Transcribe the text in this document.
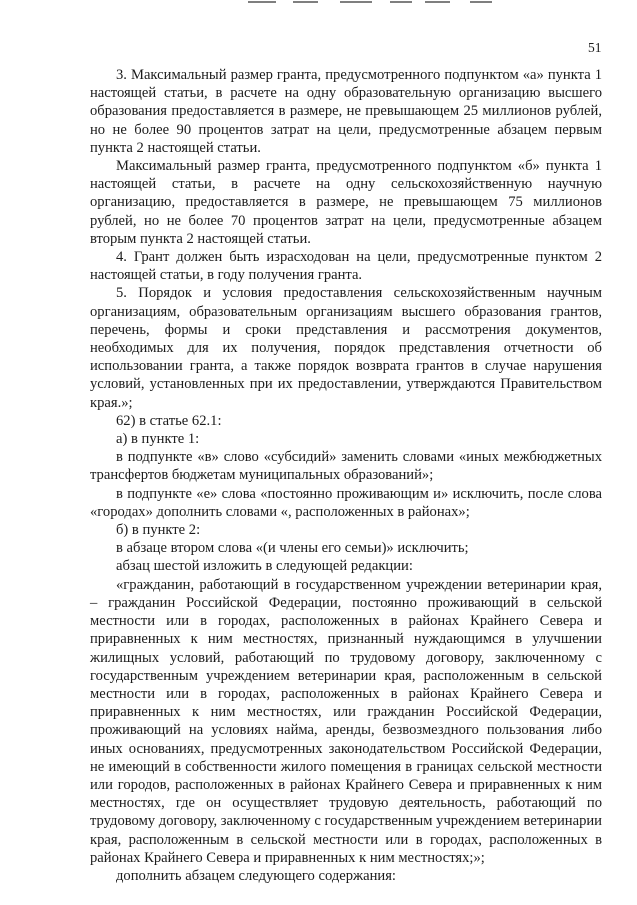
51

3. Максимальный размер гранта, предусмотренного подпунктом «а» пункта 1 настоящей статьи, в расчете на одну образовательную организацию высшего образования предоставляется в размере, не превышающем 25 миллионов рублей, но не более 90 процентов затрат на цели, предусмотренные абзацем первым пункта 2 настоящей статьи.

Максимальный размер гранта, предусмотренного подпунктом «б» пункта 1 настоящей статьи, в расчете на одну сельскохозяйственную научную организацию, предоставляется в размере, не превышающем 75 миллионов рублей, но не более 70 процентов затрат на цели, предусмотренные абзацем вторым пункта 2 настоящей статьи.

4. Грант должен быть израсходован на цели, предусмотренные пунктом 2 настоящей статьи, в году получения гранта.

5. Порядок и условия предоставления сельскохозяйственным научным организациям, образовательным организациям высшего образования грантов, перечень, формы и сроки представления и рассмотрения документов, необходимых для их получения, порядок представления отчетности об использовании гранта, а также порядок возврата грантов в случае нарушения условий, установленных при их предоставлении, утверждаются Правительством края.»;

62) в статье 62.1:

а) в пункте 1:

в подпункте «в» слово «субсидий» заменить словами «иных межбюджетных трансфертов бюджетам муниципальных образований»;

в подпункте «е» слова «постоянно проживающим и» исключить, после слова «городах» дополнить словами «, расположенных в районах»;

б) в пункте 2:

в абзаце втором слова «(и члены его семьи)» исключить;

абзац шестой изложить в следующей редакции:

«гражданин, работающий в государственном учреждении ветеринарии края, – гражданин Российской Федерации, постоянно проживающий в сельской местности или в городах, расположенных в районах Крайнего Севера и приравненных к ним местностях, признанный нуждающимся в улучшении жилищных условий, работающий по трудовому договору, заключенному с государственным учреждением ветеринарии края, расположенным в сельской местности или в городах, расположенных в районах Крайнего Севера и приравненных к ним местностях, или гражданин Российской Федерации, проживающий на условиях найма, аренды, безвозмездного пользования либо иных основаниях, предусмотренных законодательством Российской Федерации, не имеющий в собственности жилого помещения в границах сельской местности или городов, расположенных в районах Крайнего Севера и приравненных к ним местностях, где он осуществляет трудовую деятельность, работающий по трудовому договору, заключенному с государственным учреждением ветеринарии края, расположенным в сельской местности или в городах, расположенных в районах Крайнего Севера и приравненных к ним местностях;»;

дополнить абзацем следующего содержания:
